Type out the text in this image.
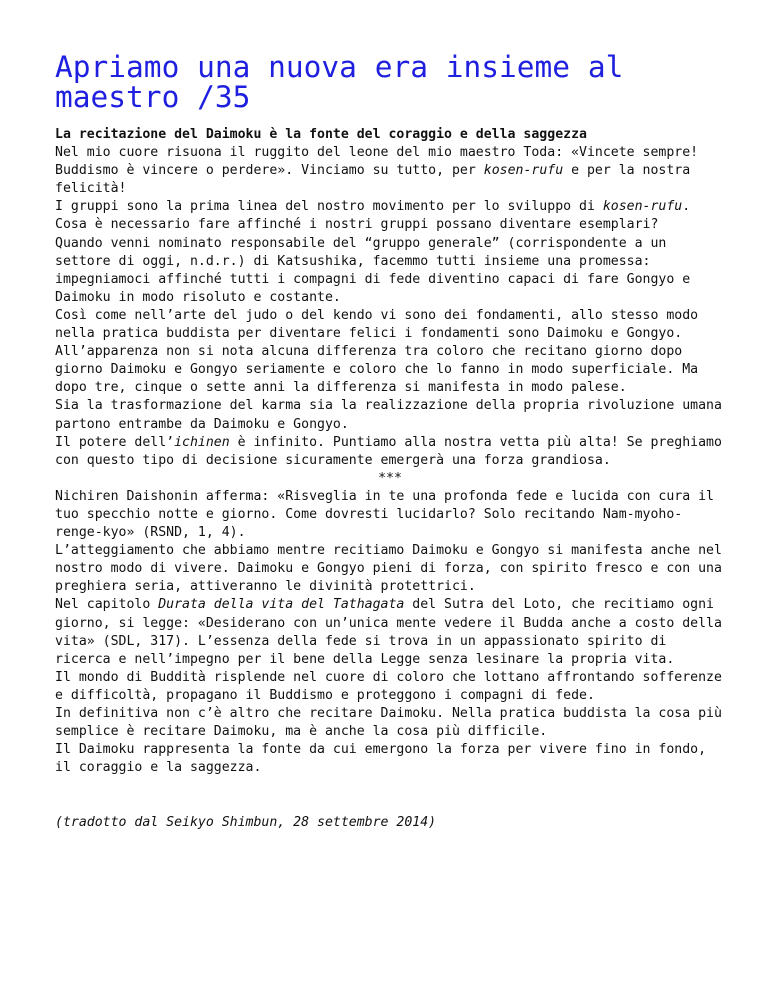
Apriamo una nuova era insieme al maestro /35

La recitazione del Daimoku è la fonte del coraggio e della saggezza

Nel mio cuore risuona il ruggito del leone del mio maestro Toda: «Vincete sempre! Buddismo è vincere o perdere». Vinciamo su tutto, per kosen-rufu e per la nostra felicità!

I gruppi sono la prima linea del nostro movimento per lo sviluppo di kosen-rufu. Cosa è necessario fare affinché i nostri gruppi possano diventare esemplari?

Quando venni nominato responsabile del “gruppo generale” (corrispondente a un settore di oggi, n.d.r.) di Katsushika, facemmo tutti insieme una promessa: impegniamoci affinché tutti i compagni di fede diventino capaci di fare Gongyo e Daimoku in modo risoluto e costante.

Così come nell’arte del judo o del kendo vi sono dei fondamenti, allo stesso modo nella pratica buddista per diventare felici i fondamenti sono Daimoku e Gongyo.

All’apparenza non si nota alcuna differenza tra coloro che recitano giorno dopo giorno Daimoku e Gongyo seriamente e coloro che lo fanno in modo superficiale. Ma dopo tre, cinque o sette anni la differenza si manifesta in modo palese.

Sia la trasformazione del karma sia la realizzazione della propria rivoluzione umana partono entrambe da Daimoku e Gongyo.

Il potere dell’ichinen è infinito. Puntiamo alla nostra vetta più alta! Se preghiamo con questo tipo di decisione sicuramente emergerà una forza grandiosa.

***

Nichiren Daishonin afferma: «Risveglia in te una profonda fede e lucida con cura il tuo specchio notte e giorno. Come dovresti lucidarlo? Solo recitando Nam-myoho-renge-kyo» (RSND, 1, 4).

L’atteggiamento che abbiamo mentre recitiamo Daimoku e Gongyo si manifesta anche nel nostro modo di vivere. Daimoku e Gongyo pieni di forza, con spirito fresco e con una preghiera seria, attiveranno le divinità protettrici.

Nel capitolo Durata della vita del Tathagata del Sutra del Loto, che recitiamo ogni giorno, si legge: «Desiderano con un’unica mente vedere il Budda anche a costo della vita» (SDL, 317). L’essenza della fede si trova in un appassionato spirito di ricerca e nell’impegno per il bene della Legge senza lesinare la propria vita.

Il mondo di Buddità risplende nel cuore di coloro che lottano affrontando sofferenze e difficoltà, propagano il Buddismo e proteggono i compagni di fede.

In definitiva non c’è altro che recitare Daimoku. Nella pratica buddista la cosa più semplice è recitare Daimoku, ma è anche la cosa più difficile.

Il Daimoku rappresenta la fonte da cui emergono la forza per vivere fino in fondo, il coraggio e la saggezza.

(tradotto dal Seikyo Shimbun, 28 settembre 2014)
